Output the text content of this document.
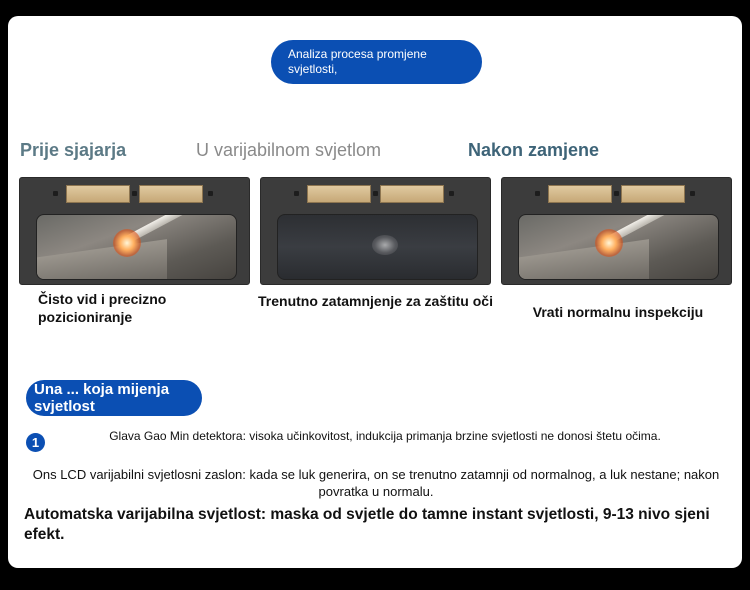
Analiza procesa promjene svjetlosti,
Prije sjajarja	U varijabilnom svjetlom	Nakon zamjene
Čisto vid i precizno pozicioniranje
Trenutno zatamnjenje za zaštitu oči
Vrati normalnu inspekciju
Una ... koja mijenja svjetlost
1	Glava Gao Min detektora: visoka učinkovitost, indukcija primanja brzine svjetlosti ne donosi štetu očima.
Ons LCD varijabilni svjetlosni zaslon: kada se luk generira, on se trenutno zatamnji od normalnog, a luk nestane; nakon povratka u normalu.
Automatska varijabilna svjetlost: maska od svjetle do tamne instant svjetlosti, 9-13 nivo sjeni efekt.
